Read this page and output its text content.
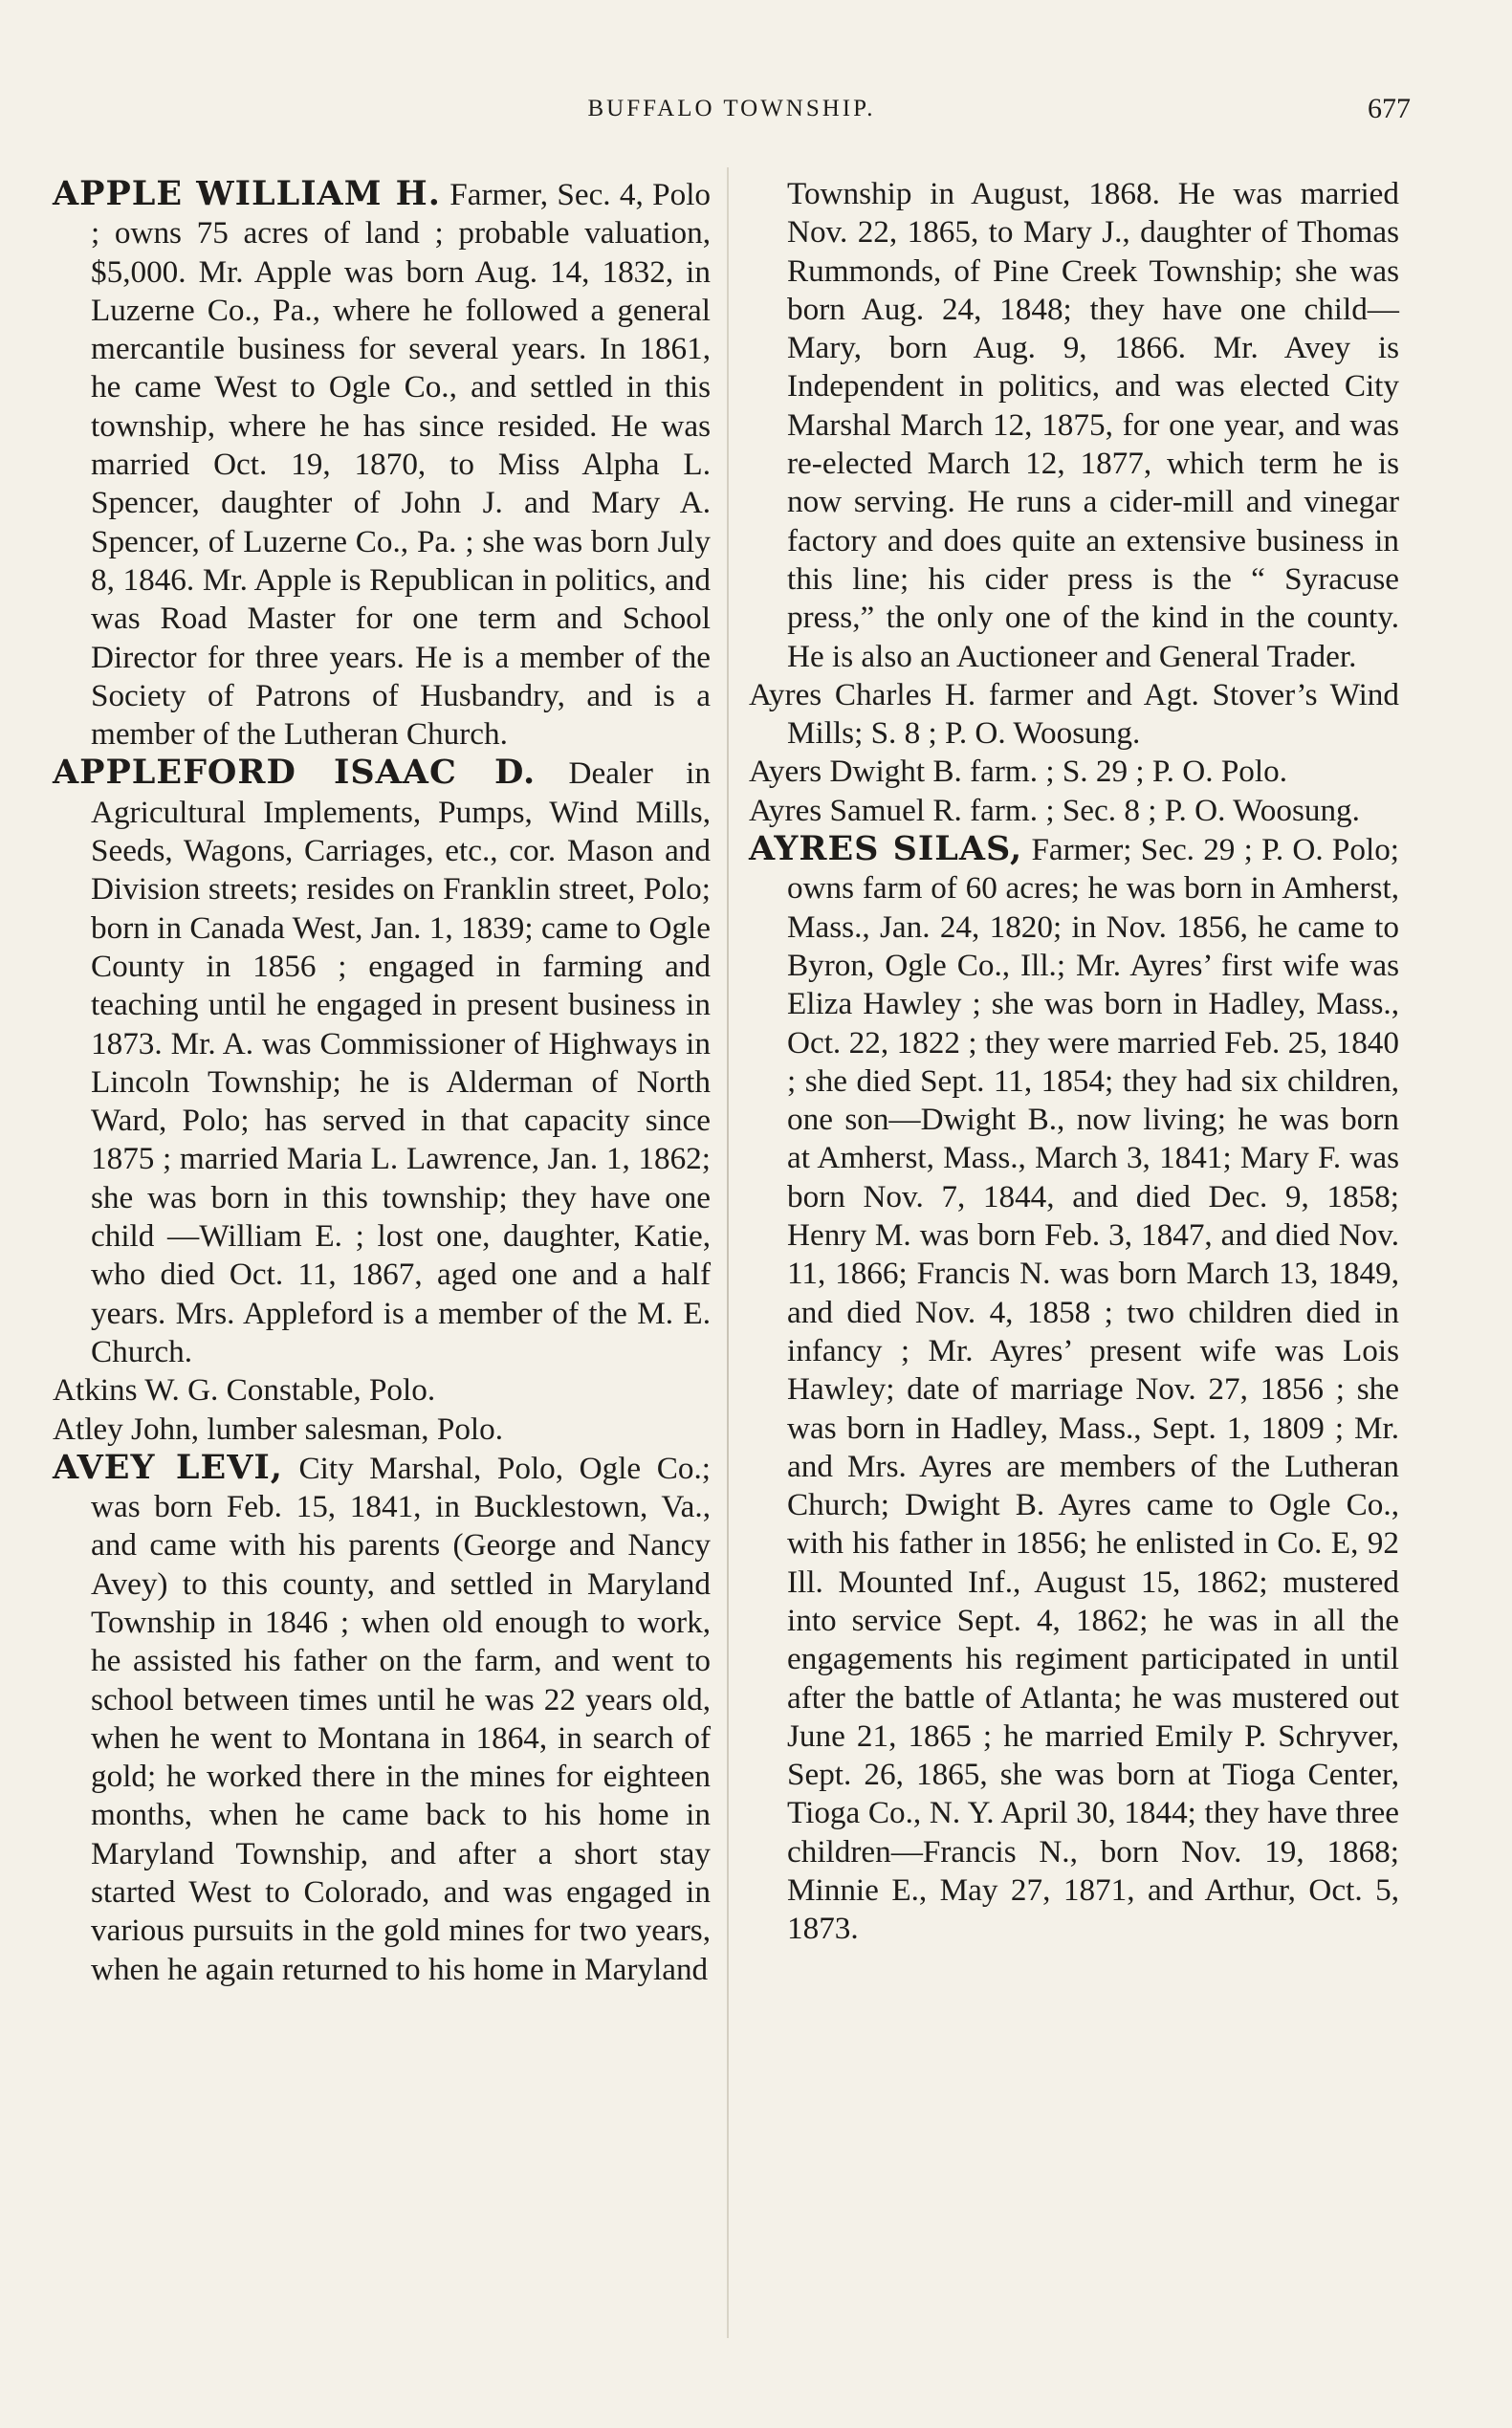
BUFFALO TOWNSHIP.	677

APPLE WILLIAM H. Farmer, Sec. 4, Polo ; owns 75 acres of land ; probable valuation, $5,000. Mr. Apple was born Aug. 14, 1832, in Luzerne Co., Pa., where he followed a general mercantile business for several years. In 1861, he came West to Ogle Co., and settled in this township, where he has since resided. He was married Oct. 19, 1870, to Miss Alpha L. Spencer, daughter of John J. and Mary A. Spencer, of Luzerne Co., Pa. ; she was born July 8, 1846. Mr. Apple is Republican in politics, and was Road Master for one term and School Director for three years. He is a member of the Society of Patrons of Husbandry, and is a member of the Lutheran Church.

APPLEFORD ISAAC D. Dealer in Agricultural Implements, Pumps, Wind Mills, Seeds, Wagons, Carriages, etc., cor. Mason and Division streets; resides on Franklin street, Polo; born in Canada West, Jan. 1, 1839; came to Ogle County in 1856 ; engaged in farming and teaching until he engaged in present business in 1873. Mr. A. was Commissioner of Highways in Lincoln Township; he is Alderman of North Ward, Polo; has served in that capacity since 1875 ; married Maria L. Lawrence, Jan. 1, 1862; she was born in this township; they have one child —William E. ; lost one, daughter, Katie, who died Oct. 11, 1867, aged one and a half years. Mrs. Appleford is a member of the M. E. Church.

Atkins W. G. Constable, Polo.

Atley John, lumber salesman, Polo.

AVEY LEVI, City Marshal, Polo, Ogle Co.; was born Feb. 15, 1841, in Bucklestown, Va., and came with his parents (George and Nancy Avey) to this county, and settled in Maryland Township in 1846 ; when old enough to work, he assisted his father on the farm, and went to school between times until he was 22 years old, when he went to Montana in 1864, in search of gold; he worked there in the mines for eighteen months, when he came back to his home in Maryland Township, and after a short stay started West to Colorado, and was engaged in various pursuits in the gold mines for two years, when he again returned to his home in Maryland

Township in August, 1868. He was married Nov. 22, 1865, to Mary J., daughter of Thomas Rummonds, of Pine Creek Township; she was born Aug. 24, 1848; they have one child—Mary, born Aug. 9, 1866. Mr. Avey is Independent in politics, and was elected City Marshal March 12, 1875, for one year, and was re-elected March 12, 1877, which term he is now serving. He runs a cider-mill and vinegar factory and does quite an extensive business in this line; his cider press is the “ Syracuse press,” the only one of the kind in the county. He is also an Auctioneer and General Trader.

Ayres Charles H. farmer and Agt. Stover’s Wind Mills; S. 8 ; P. O. Woosung.

Ayers Dwight B. farm. ; S. 29 ; P. O. Polo.

Ayres Samuel R. farm. ; Sec. 8 ; P. O. Woosung.

AYRES SILAS, Farmer; Sec. 29 ; P. O. Polo; owns farm of 60 acres; he was born in Amherst, Mass., Jan. 24, 1820; in Nov. 1856, he came to Byron, Ogle Co., Ill.; Mr. Ayres’ first wife was Eliza Hawley ; she was born in Hadley, Mass., Oct. 22, 1822 ; they were married Feb. 25, 1840 ; she died Sept. 11, 1854; they had six children, one son—Dwight B., now living; he was born at Amherst, Mass., March 3, 1841; Mary F. was born Nov. 7, 1844, and died Dec. 9, 1858; Henry M. was born Feb. 3, 1847, and died Nov. 11, 1866; Francis N. was born March 13, 1849, and died Nov. 4, 1858 ; two children died in infancy ; Mr. Ayres’ present wife was Lois Hawley; date of marriage Nov. 27, 1856 ; she was born in Hadley, Mass., Sept. 1, 1809 ; Mr. and Mrs. Ayres are members of the Lutheran Church; Dwight B. Ayres came to Ogle Co., with his father in 1856; he enlisted in Co. E, 92 Ill. Mounted Inf., August 15, 1862; mustered into service Sept. 4, 1862; he was in all the engagements his regiment participated in until after the battle of Atlanta; he was mustered out June 21, 1865 ; he married Emily P. Schryver, Sept. 26, 1865, she was born at Tioga Center, Tioga Co., N. Y. April 30, 1844; they have three children—Francis N., born Nov. 19, 1868; Minnie E., May 27, 1871, and Arthur, Oct. 5, 1873.
